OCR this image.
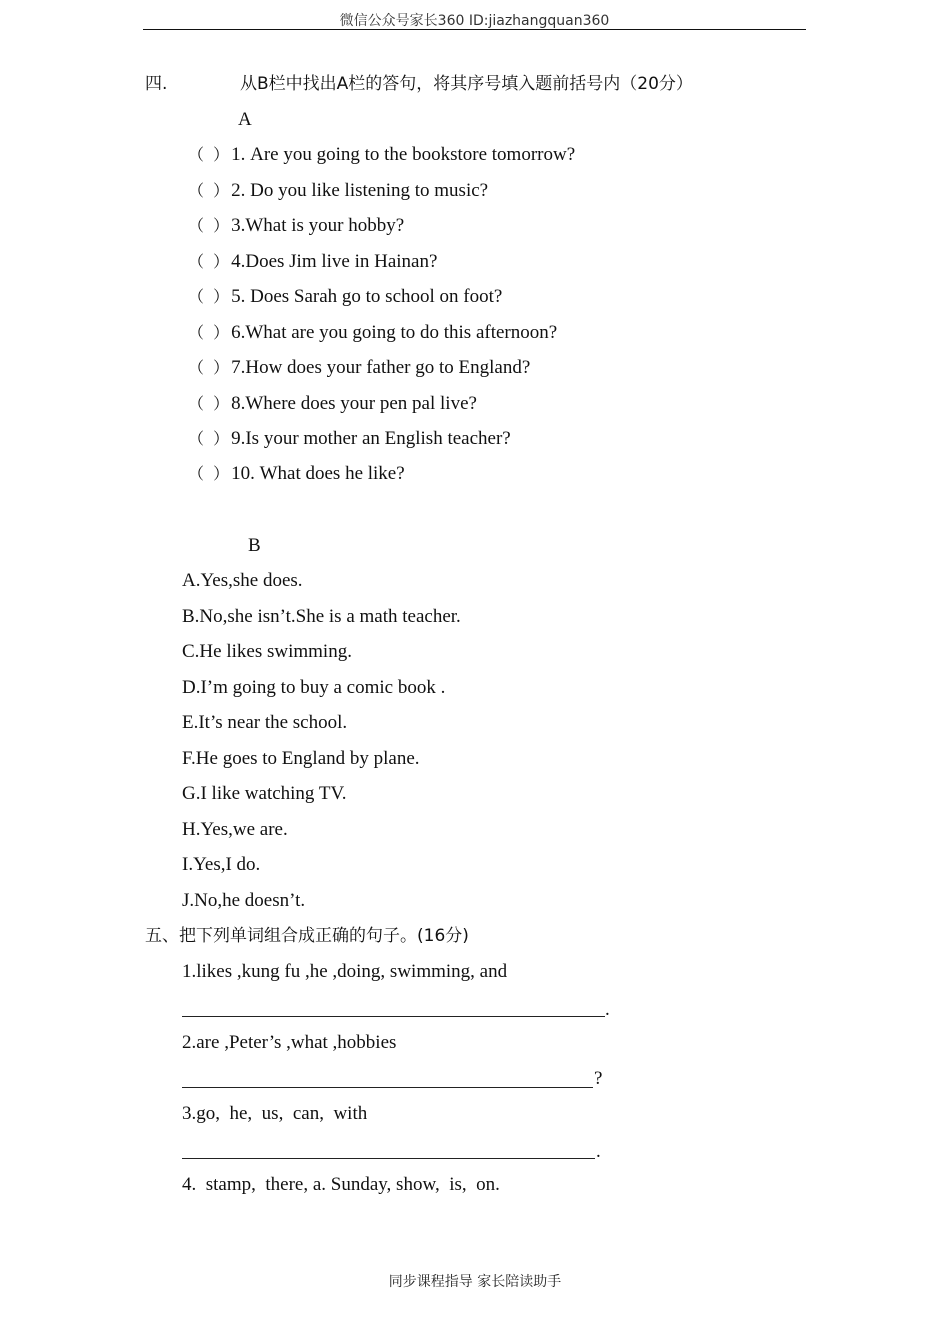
微信公众号家长360 ID:jiazhangquan360
四.	从B栏中找出A栏的答句，将其序号填入题前括号内（20分）
A
（ ）1. Are you going to the bookstore tomorrow?
（ ）2. Do you like listening to music?
（ ）3.What is your hobby?
（ ）4.Does Jim live in Hainan?
（ ）5. Does Sarah go to school on foot?
（ ）6.What are you going to do this afternoon?
（ ）7.How does your father go to England?
（ ）8.Where does your pen pal live?
（ ）9.Is your mother an English teacher?
（ ）10. What does he like?
B
A.Yes,she does.
B.No,she isn’t.She is a math teacher.
C.He likes swimming.
D.I’m going to buy a comic book .
E.It’s near the school.
F.He goes to England by plane.
G.I like watching TV.
H.Yes,we are.
I.Yes,I do.
J.No,he doesn’t.
五、把下列单词组合成正确的句子。(16分)
1.likes ,kung fu ,he ,doing, swimming, and
.
2.are ,Peter’s ,what ,hobbies
?
3.go,  he,  us,  can,  with
.
4.  stamp,  there, a. Sunday, show,  is,  on.
同步课程指导 家长陪读助手
